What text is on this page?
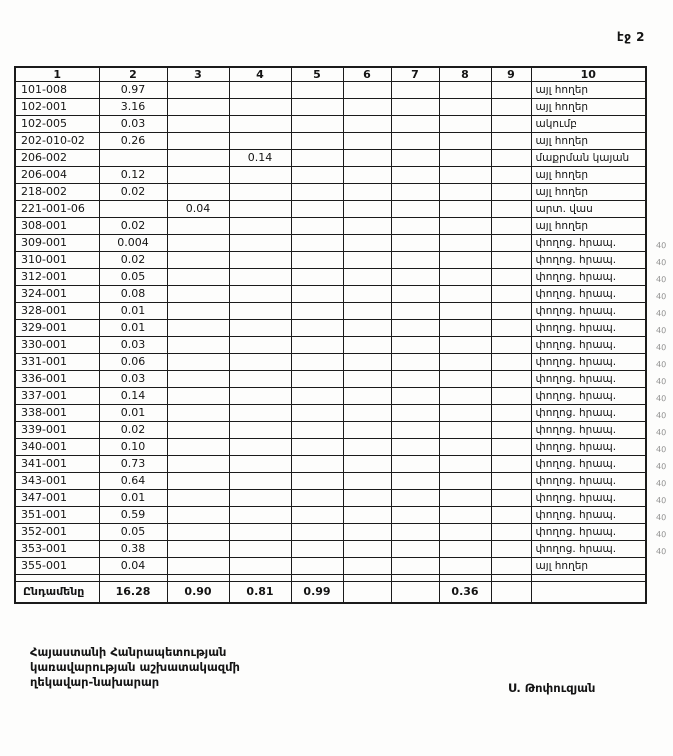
էջ 2
1	2	3	4	5	6	7	8	9	10
101-008	0.97								այլ հողեր
102-001	3.16								այլ հողեր
102-005	0.03								ակումբ
202-010-02	0.26								այլ հողեր
206-002			0.14						մաքրման կայան
206-004	0.12								այլ հողեր
218-002	0.02								այլ հողեր
221-001-06		0.04							արտ. վաս
308-001	0.02								այլ հողեր
309-001	0.004								փողոց. հրապ.
310-001	0.02								փողոց. հրապ.
312-001	0.05								փողոց. հրապ.
324-001	0.08								փողոց. հրապ.
328-001	0.01								փողոց. հրապ.
329-001	0.01								փողոց. հրապ.
330-001	0.03								փողոց. հրապ.
331-001	0.06								փողոց. հրապ.
336-001	0.03								փողոց. հրապ.
337-001	0.14								փողոց. հրապ.
338-001	0.01								փողոց. հրապ.
339-001	0.02								փողոց. հրապ.
340-001	0.10								փողոց. հրապ.
341-001	0.73								փողոց. հրապ.
343-001	0.64								փողոց. հրապ.
347-001	0.01								փողոց. հրապ.
351-001	0.59								փողոց. հրապ.
352-001	0.05								փողոց. հրապ.
353-001	0.38								փողոց. հրապ.
355-001	0.04								այլ հողեր

Ընդամենը	16.28	0.90	0.81	0.99			0.36		
40
40
40
40
40
40
40
40
40
40
40
40
40
40
40
40
40
40
40
Հայաստանի Հանրապետության
կառավարության աշխատակազմի
ղեկավար-նախարար	Ս. Թոփուզյան
